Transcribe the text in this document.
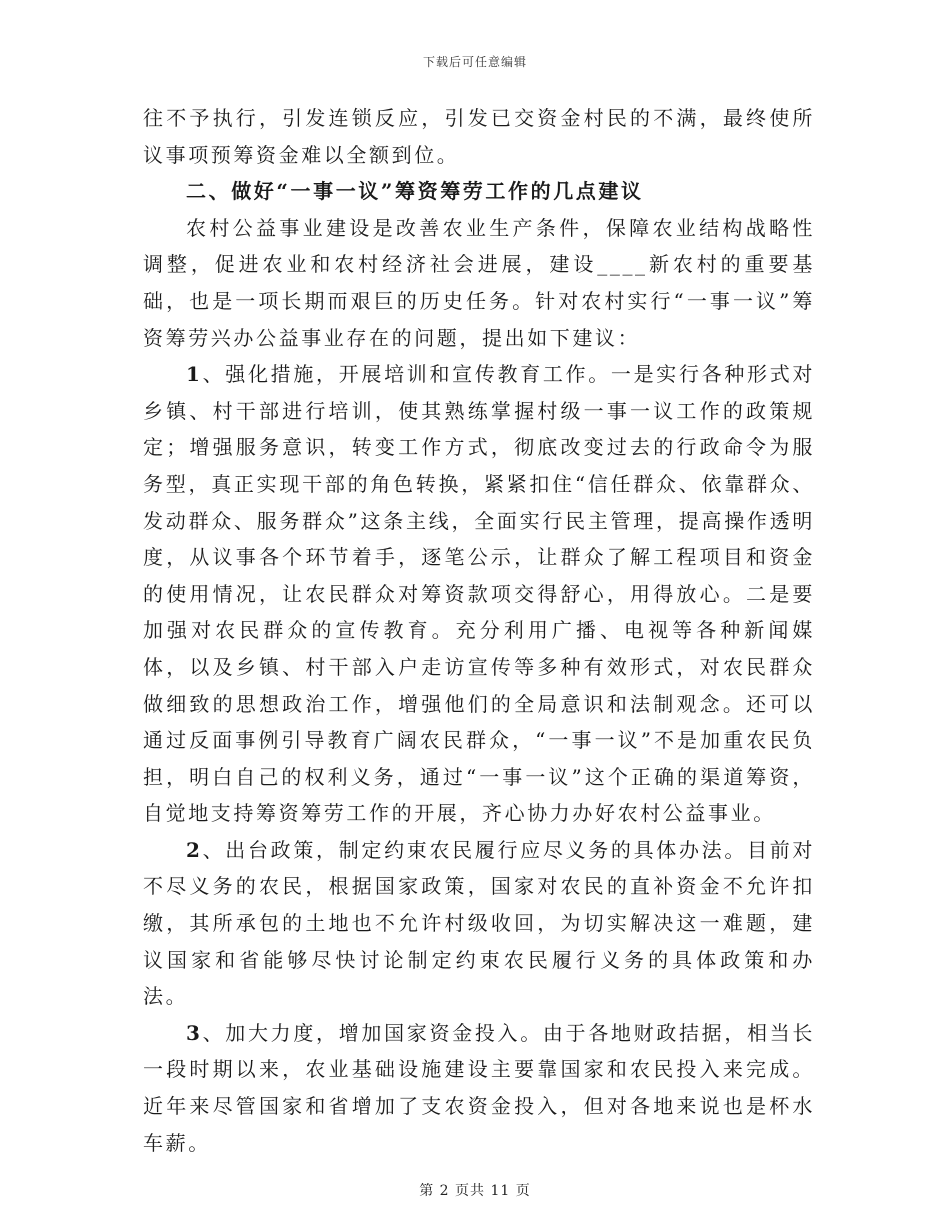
下载后可任意编辑

往不予执行，引发连锁反应，引发已交资金村民的不满，最终使所议事项预筹资金难以全额到位。

二、做好“一事一议”筹资筹劳工作的几点建议

农村公益事业建设是改善农业生产条件，保障农业结构战略性调整，促进农业和农村经济社会进展，建设____新农村的重要基础，也是一项长期而艰巨的历史任务。针对农村实行“一事一议”筹资筹劳兴办公益事业存在的问题，提出如下建议：

1、强化措施，开展培训和宣传教育工作。一是实行各种形式对乡镇、村干部进行培训，使其熟练掌握村级一事一议工作的政策规定；增强服务意识，转变工作方式，彻底改变过去的行政命令为服务型，真正实现干部的角色转换，紧紧扣住“信任群众、依靠群众、发动群众、服务群众”这条主线，全面实行民主管理，提高操作透明度，从议事各个环节着手，逐笔公示，让群众了解工程项目和资金的使用情况，让农民群众对筹资款项交得舒心，用得放心。二是要加强对农民群众的宣传教育。充分利用广播、电视等各种新闻媒体，以及乡镇、村干部入户走访宣传等多种有效形式，对农民群众做细致的思想政治工作，增强他们的全局意识和法制观念。还可以通过反面事例引导教育广阔农民群众，“一事一议”不是加重农民负担，明白自己的权利义务，通过“一事一议”这个正确的渠道筹资，自觉地支持筹资筹劳工作的开展，齐心协力办好农村公益事业。

2、出台政策，制定约束农民履行应尽义务的具体办法。目前对不尽义务的农民，根据国家政策，国家对农民的直补资金不允许扣缴，其所承包的土地也不允许村级收回，为切实解决这一难题，建议国家和省能够尽快讨论制定约束农民履行义务的具体政策和办法。

3、加大力度，增加国家资金投入。由于各地财政拮据，相当长一段时期以来，农业基础设施建设主要靠国家和农民投入来完成。近年来尽管国家和省增加了支农资金投入，但对各地来说也是杯水车薪。

第 2 页共 11 页
